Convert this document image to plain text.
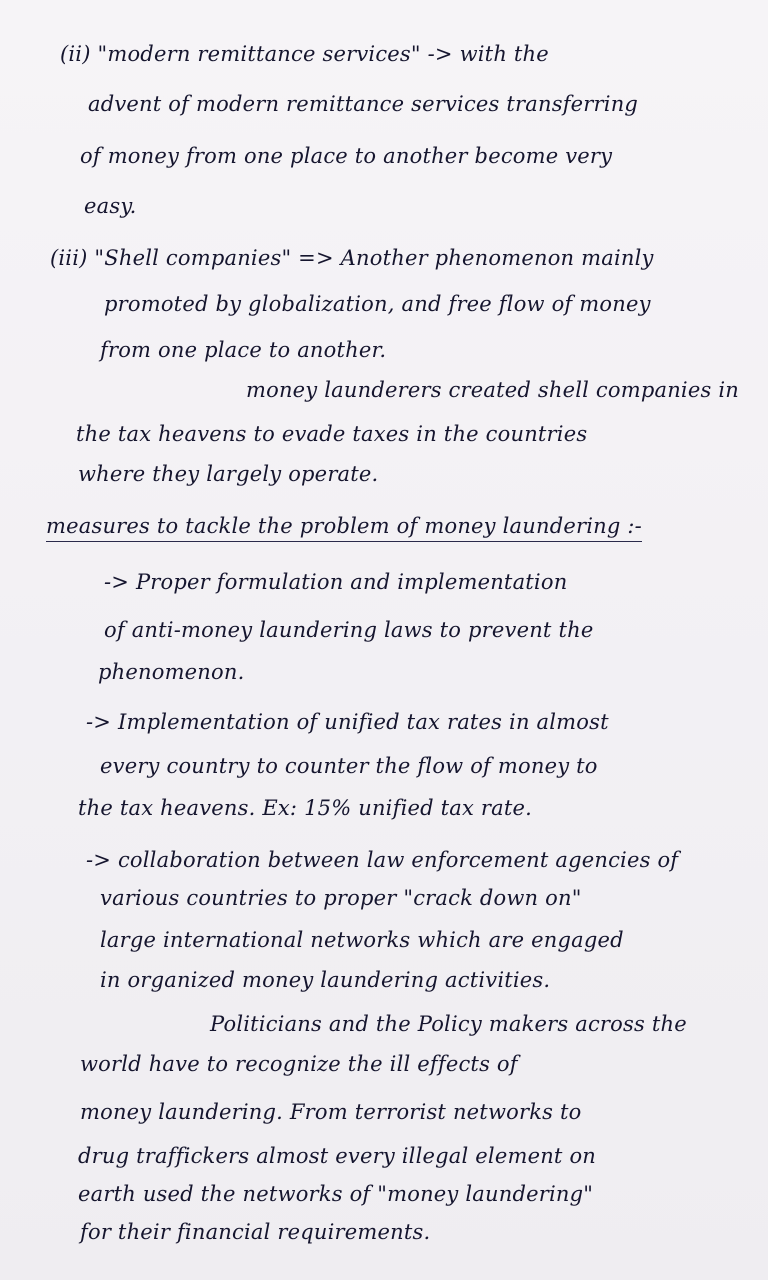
(ii) "modern remittance services" -> with the
advent of modern remittance services transferring
of money from one place to another become very
easy.
(iii) "Shell companies" => Another phenomenon mainly
promoted by globalization, and free flow of money
from one place to another.
money launderers created shell companies in
the tax heavens to evade taxes in the countries
where they largely operate.
measures to tackle the problem of money laundering :-
-> Proper formulation and implementation
of anti-money laundering laws to prevent the
phenomenon.
-> Implementation of unified tax rates in almost
every country to counter the flow of money to
the tax heavens. Ex: 15% unified tax rate.
-> collaboration between law enforcement agencies of
various countries to proper "crack down on"
large international networks which are engaged
in organized money laundering activities.
Politicians and the Policy makers across the
world have to recognize the ill effects of
money laundering. From terrorist networks to
drug traffickers almost every illegal element on
earth used the networks of "money laundering"
for their financial requirements.
